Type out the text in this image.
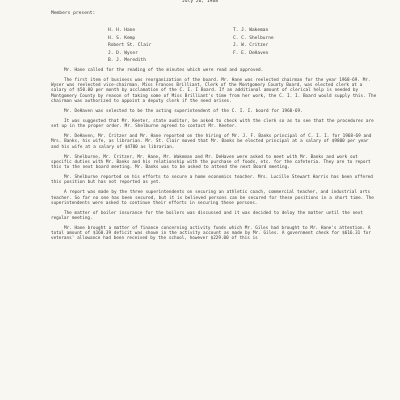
July 26, 1968
Members present:
H. H. Hane
H. S. Kemp
Robert St. Clair
J. D. Wyser
B. J. Meredith
T. J. Wakeman
C. C. Shelburne
J. W. Critzer
F. E. DeHaven

Mr. Hane called for the reading of the minutes which were read and approved.

The first item of business was reorganization of the board. Mr. Hane was reelected chairman for the year 1968-69. Mr. Wyser was reelected vice-chairman. Miss Frances Brilliant, Clerk of the Montgomery County Board, was elected clerk at a salary of $50.00 per month by acclamation of the C. I. I Board. If an additional amount of clerical help is needed by Montgomery County by reason of taking some of Miss Brilliant's time from her work, the C. I. I. Board would supply this. The chairman was authorized to appoint a deputy clerk if the need arises.

Mr. DeHaven was selected to be the acting superintendent of the C. I. I. board for 1968-69.

It was suggested that Mr. Keeter, state auditor, be asked to check with the clerk so as to see that the procedures are set up in the proper order. Mr. Shelburne agreed to contact Mr. Keeter.

Mr. DeHaven, Mr. Critzer and Mr. Hane reported on the hiring of Mr. J. F. Banks principal of C. I. I. for 1968-69 and Mrs. Banks, his wife, as librarian. Mr. St. Clair moved that Mr. Banks be elected principal at a salary of $9800 per year and his wife at a salary of $4700 as librarian.

Mr. Shelburne, Mr. Critzer, Mr. Hane, Mr. Wakeman and Mr. DeHaven were asked to meet with Mr. Banks and work out specific duties with Mr. Banks and his relationship with the purchase of foods, etc. for the cafeteria. They are to report this to the next board meeting. Mr. Banks was to be asked to attend the next Board meeting.

Mr. Shelburne reported on his efforts to secure a home economics teacher. Mrs. Lucille Stewart Harris has been offered this position but has not reported as yet.

A report was made by the three superintendents on securing an athletic coach, commercial teacher, and industrial arts teacher. So far no one has been secured, but it is believed persons can be secured for these positions in a short time. The superintendents were asked to continue their efforts in securing these persons.

The matter of boiler insurance for the boilers was discussed and it was decided to delay the matter until the next regular meeting.

Mr. Hane brought a matter of finance concerning activity funds which Mr. Giles had brought to Mr. Hane's attention. A total amount of $160.39 deficit was shown in the activity account as made by Mr. Giles. A government check for $616.31 for veterans' allowance had been received by the school, however $229.00 of this is
